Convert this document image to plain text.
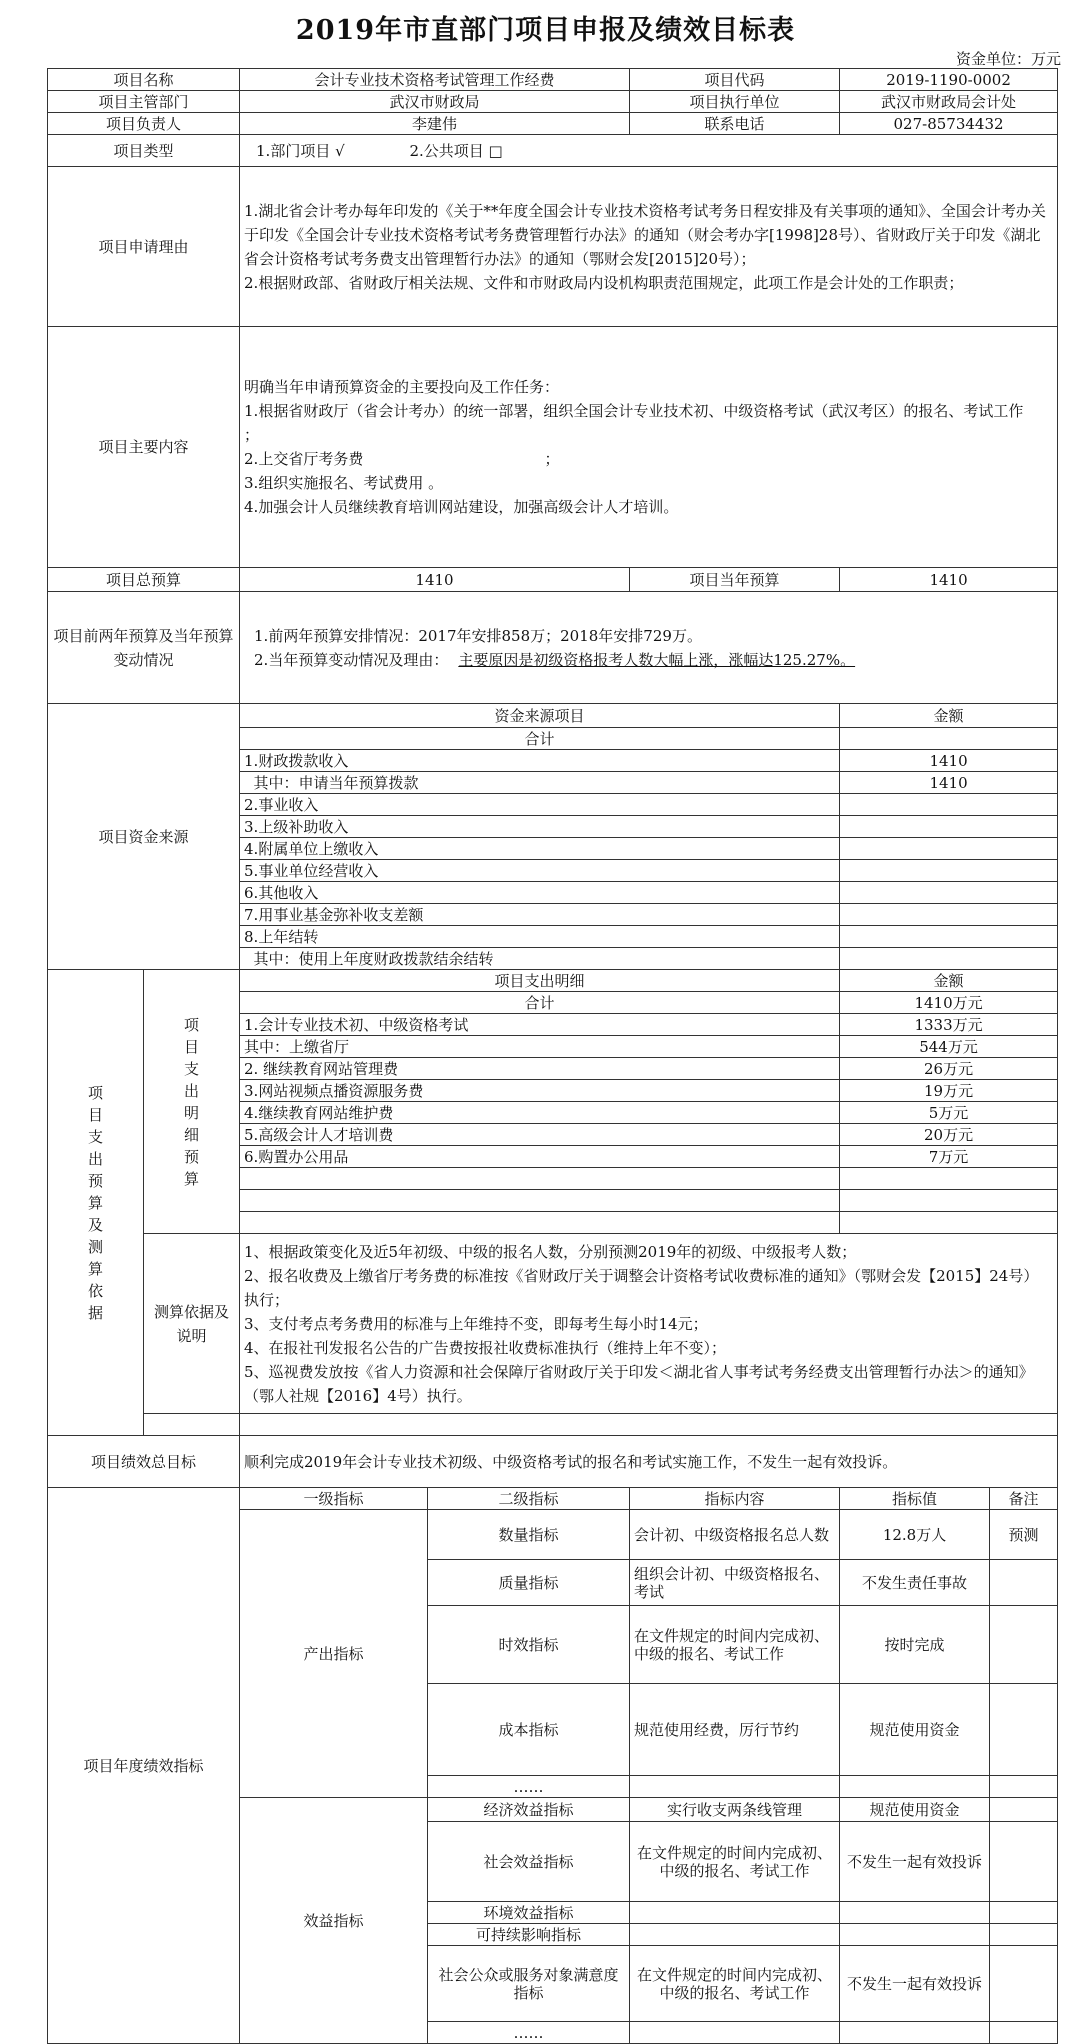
2019年市直部门项目申报及绩效目标表
资金单位：万元
项目名称		会计专业技术资格考试管理工作经费		项目代码	2019-1190-0002	
项目主管部门		武汉市财政局		项目执行单位	武汉市财政局会计处	
项目负责人		李建伟		联系电话	027-85734432	
项目类型		1.部门项目 √ 2.公共项目 □				
项目申请理由		1.湖北省会计考办每年印发的《关于**年度全国会计专业技术资格考试考务日程安排及有关事项的通知》、全国会计考办关于印发《全国会计专业技术资格考试考务费管理暂行办法》的通知（财会考办字[1998]28号）、省财政厅关于印发《湖北省会计资格考试考务费支出管理暂行办法》的通知（鄂财会发[2015]20号）；
2.根据财政部、省财政厅相关法规、文件和市财政局内设机构职责范围规定，此项工作是会计处的工作职责；				

项目主要内容		明确当年申请预算资金的主要投向及工作任务：
1.根据省财政厅（省会计考办）的统一部署，组织全国会计专业技术初、中级资格考试（武汉考区）的报名、考试工作            ；
2.上交省厅考务费                                      ；
3.组织实施报名、考试费用 。
4.加强会计人员继续教育培训网站建设，加强高级会计人才培训。				

项目总预算		1410		项目当年预算	1410	
项目前两年预算及当年预算变动情况		1.前两年预算安排情况：2017年安排858万；2018年安排729万。
2.当年预算变动情况及理由： 主要原因是初级资格报考人数大幅上涨，涨幅达125.27%。				

项目资金来源		资金来源项目			金额	
		合计				
		1.财政拨款收入			1410	
		其中：申请当年预算拨款			1410	
		2.事业收入				
		3.上级补助收入				
		4.附属单位上缴收入				
		5.事业单位经营收入				
		6.其他收入				
		7.用事业基金弥补收支差额				
		8.上年结转				
		其中：使用上年度财政拨款结余结转				

项目支出预算及测算依据	项目支出明细预算	项目支出明细			金额	
		合计			1410万元	
		1.会计专业技术初、中级资格考试			1333万元	
		其中：上缴省厅			544万元	
		2. 继续教育网站管理费			26万元	
		3.网站视频点播资源服务费			19万元	
		4.继续教育网站维护费			5万元	
		5.高级会计人才培训费			20万元	
		6.购置办公用品			7万元	

	测算依据及说明	1、根据政策变化及近5年初级、中级的报名人数，分别预测2019年的初级、中级报考人数；
2、报名收费及上缴省厅考务费的标准按《省财政厅关于调整会计资格考试收费标准的通知》（鄂财会发【2015】24号）执行；
3、支付考点考务费用的标准与上年维持不变，即每考生每小时14元；
4、在报社刊发报名公告的广告费按报社收费标准执行（维持上年不变）；
5、巡视费发放按《省人力资源和社会保障厅省财政厅关于印发＜湖北省人事考试考务经费支出管理暂行办法＞的通知》（鄂人社规【2016】4号）执行。				

项目绩效总目标		顺利完成2019年会计专业技术初级、中级资格考试的报名和考试实施工作，不发生一起有效投诉。				
项目年度绩效指标		一级指标	二级指标	指标内容	指标值	备注
		产出指标	数量指标	会计初、中级资格报名总人数	12.8万人	预测
			质量指标	组织会计初、中级资格报名、考试	不发生责任事故	
			时效指标	在文件规定的时间内完成初、中级的报名、考试工作	按时完成	
			成本指标	规范使用经费，厉行节约	规范使用资金	
			……			
		效益指标	经济效益指标	实行收支两条线管理	规范使用资金	
			社会效益指标	在文件规定的时间内完成初、中级的报名、考试工作	不发生一起有效投诉	
			环境效益指标			
			可持续影响指标			
			社会公众或服务对象满意度指标	在文件规定的时间内完成初、中级的报名、考试工作	不发生一起有效投诉	
			……			
